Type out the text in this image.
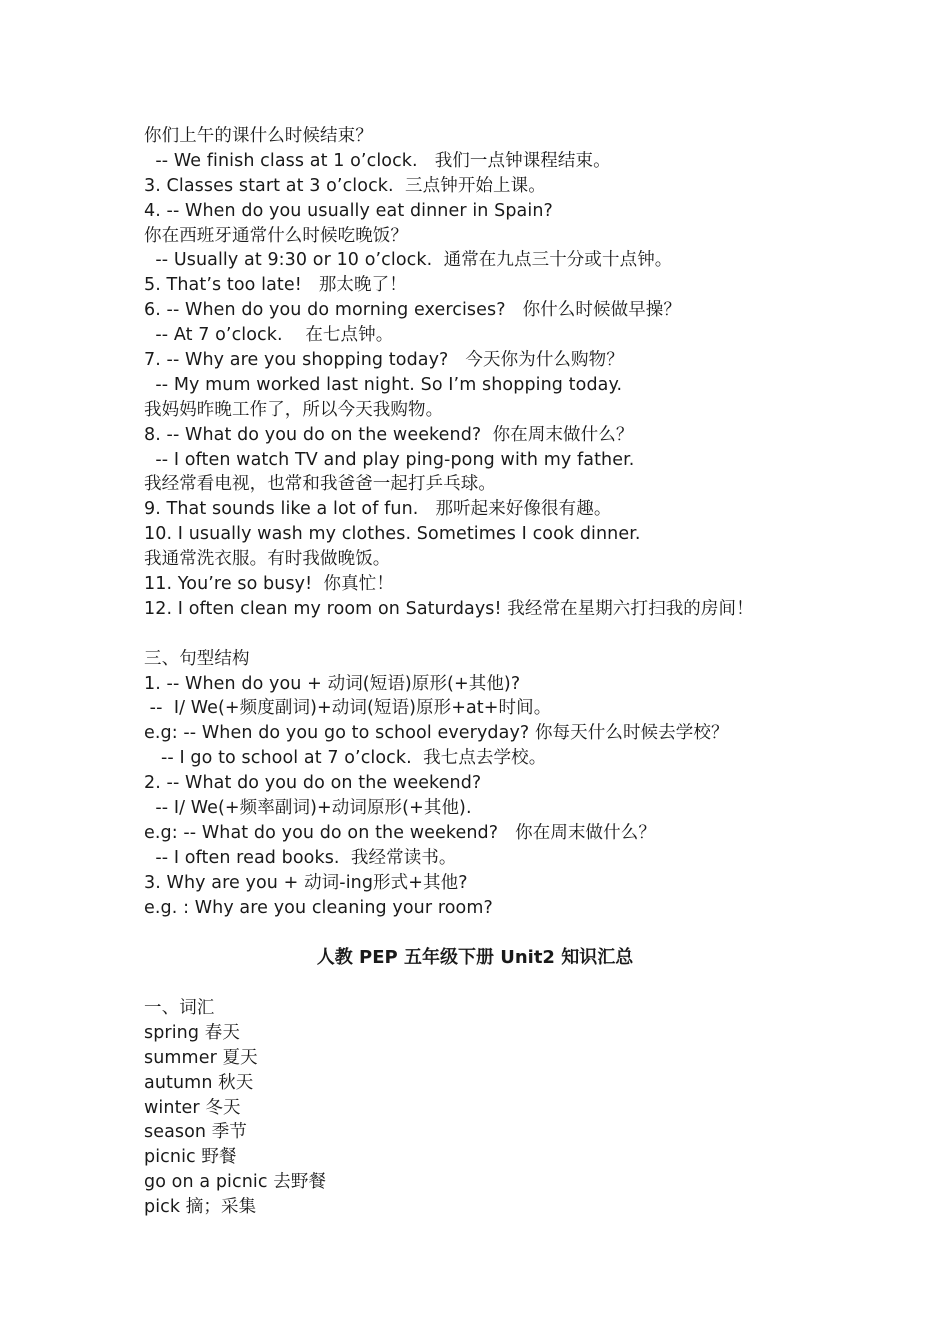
你们上午的课什么时候结束？
-- We finish class at 1 o’clock.   我们一点钟课程结束。
3. Classes start at 3 o’clock.  三点钟开始上课。
4. -- When do you usually eat dinner in Spain?
你在西班牙通常什么时候吃晚饭？
-- Usually at 9:30 or 10 o’clock.  通常在九点三十分或十点钟。
5. That’s too late!   那太晚了！
6. -- When do you do morning exercises?   你什么时候做早操？
-- At 7 o’clock.    在七点钟。
7. -- Why are you shopping today?   今天你为什么购物？
-- My mum worked last night. So I’m shopping today.
我妈妈昨晚工作了，所以今天我购物。
8. -- What do you do on the weekend?  你在周末做什么？
-- I often watch TV and play ping-pong with my father.
我经常看电视，也常和我爸爸一起打乒乓球。
9. That sounds like a lot of fun.   那听起来好像很有趣。
10. I usually wash my clothes. Sometimes I cook dinner.
我通常洗衣服。有时我做晚饭。
11. You’re so busy!  你真忙！
12. I often clean my room on Saturdays! 我经常在星期六打扫我的房间！
三、句型结构
1. -- When do you + 动词(短语)原形(+其他)?
--  I/ We(+频度副词)+动词(短语)原形+at+时间。
e.g: -- When do you go to school everyday? 你每天什么时候去学校？
-- I go to school at 7 o’clock.  我七点去学校。
2. -- What do you do on the weekend?
-- I/ We(+频率副词)+动词原形(+其他).
e.g: -- What do you do on the weekend?   你在周末做什么？
-- I often read books.  我经常读书。
3. Why are you + 动词-ing形式+其他?
e.g. : Why are you cleaning your room?
人教 PEP 五年级下册 Unit2 知识汇总
一、词汇
spring 春天
summer 夏天
autumn 秋天
winter 冬天
season 季节
picnic 野餐
go on a picnic 去野餐
pick 摘；采集
